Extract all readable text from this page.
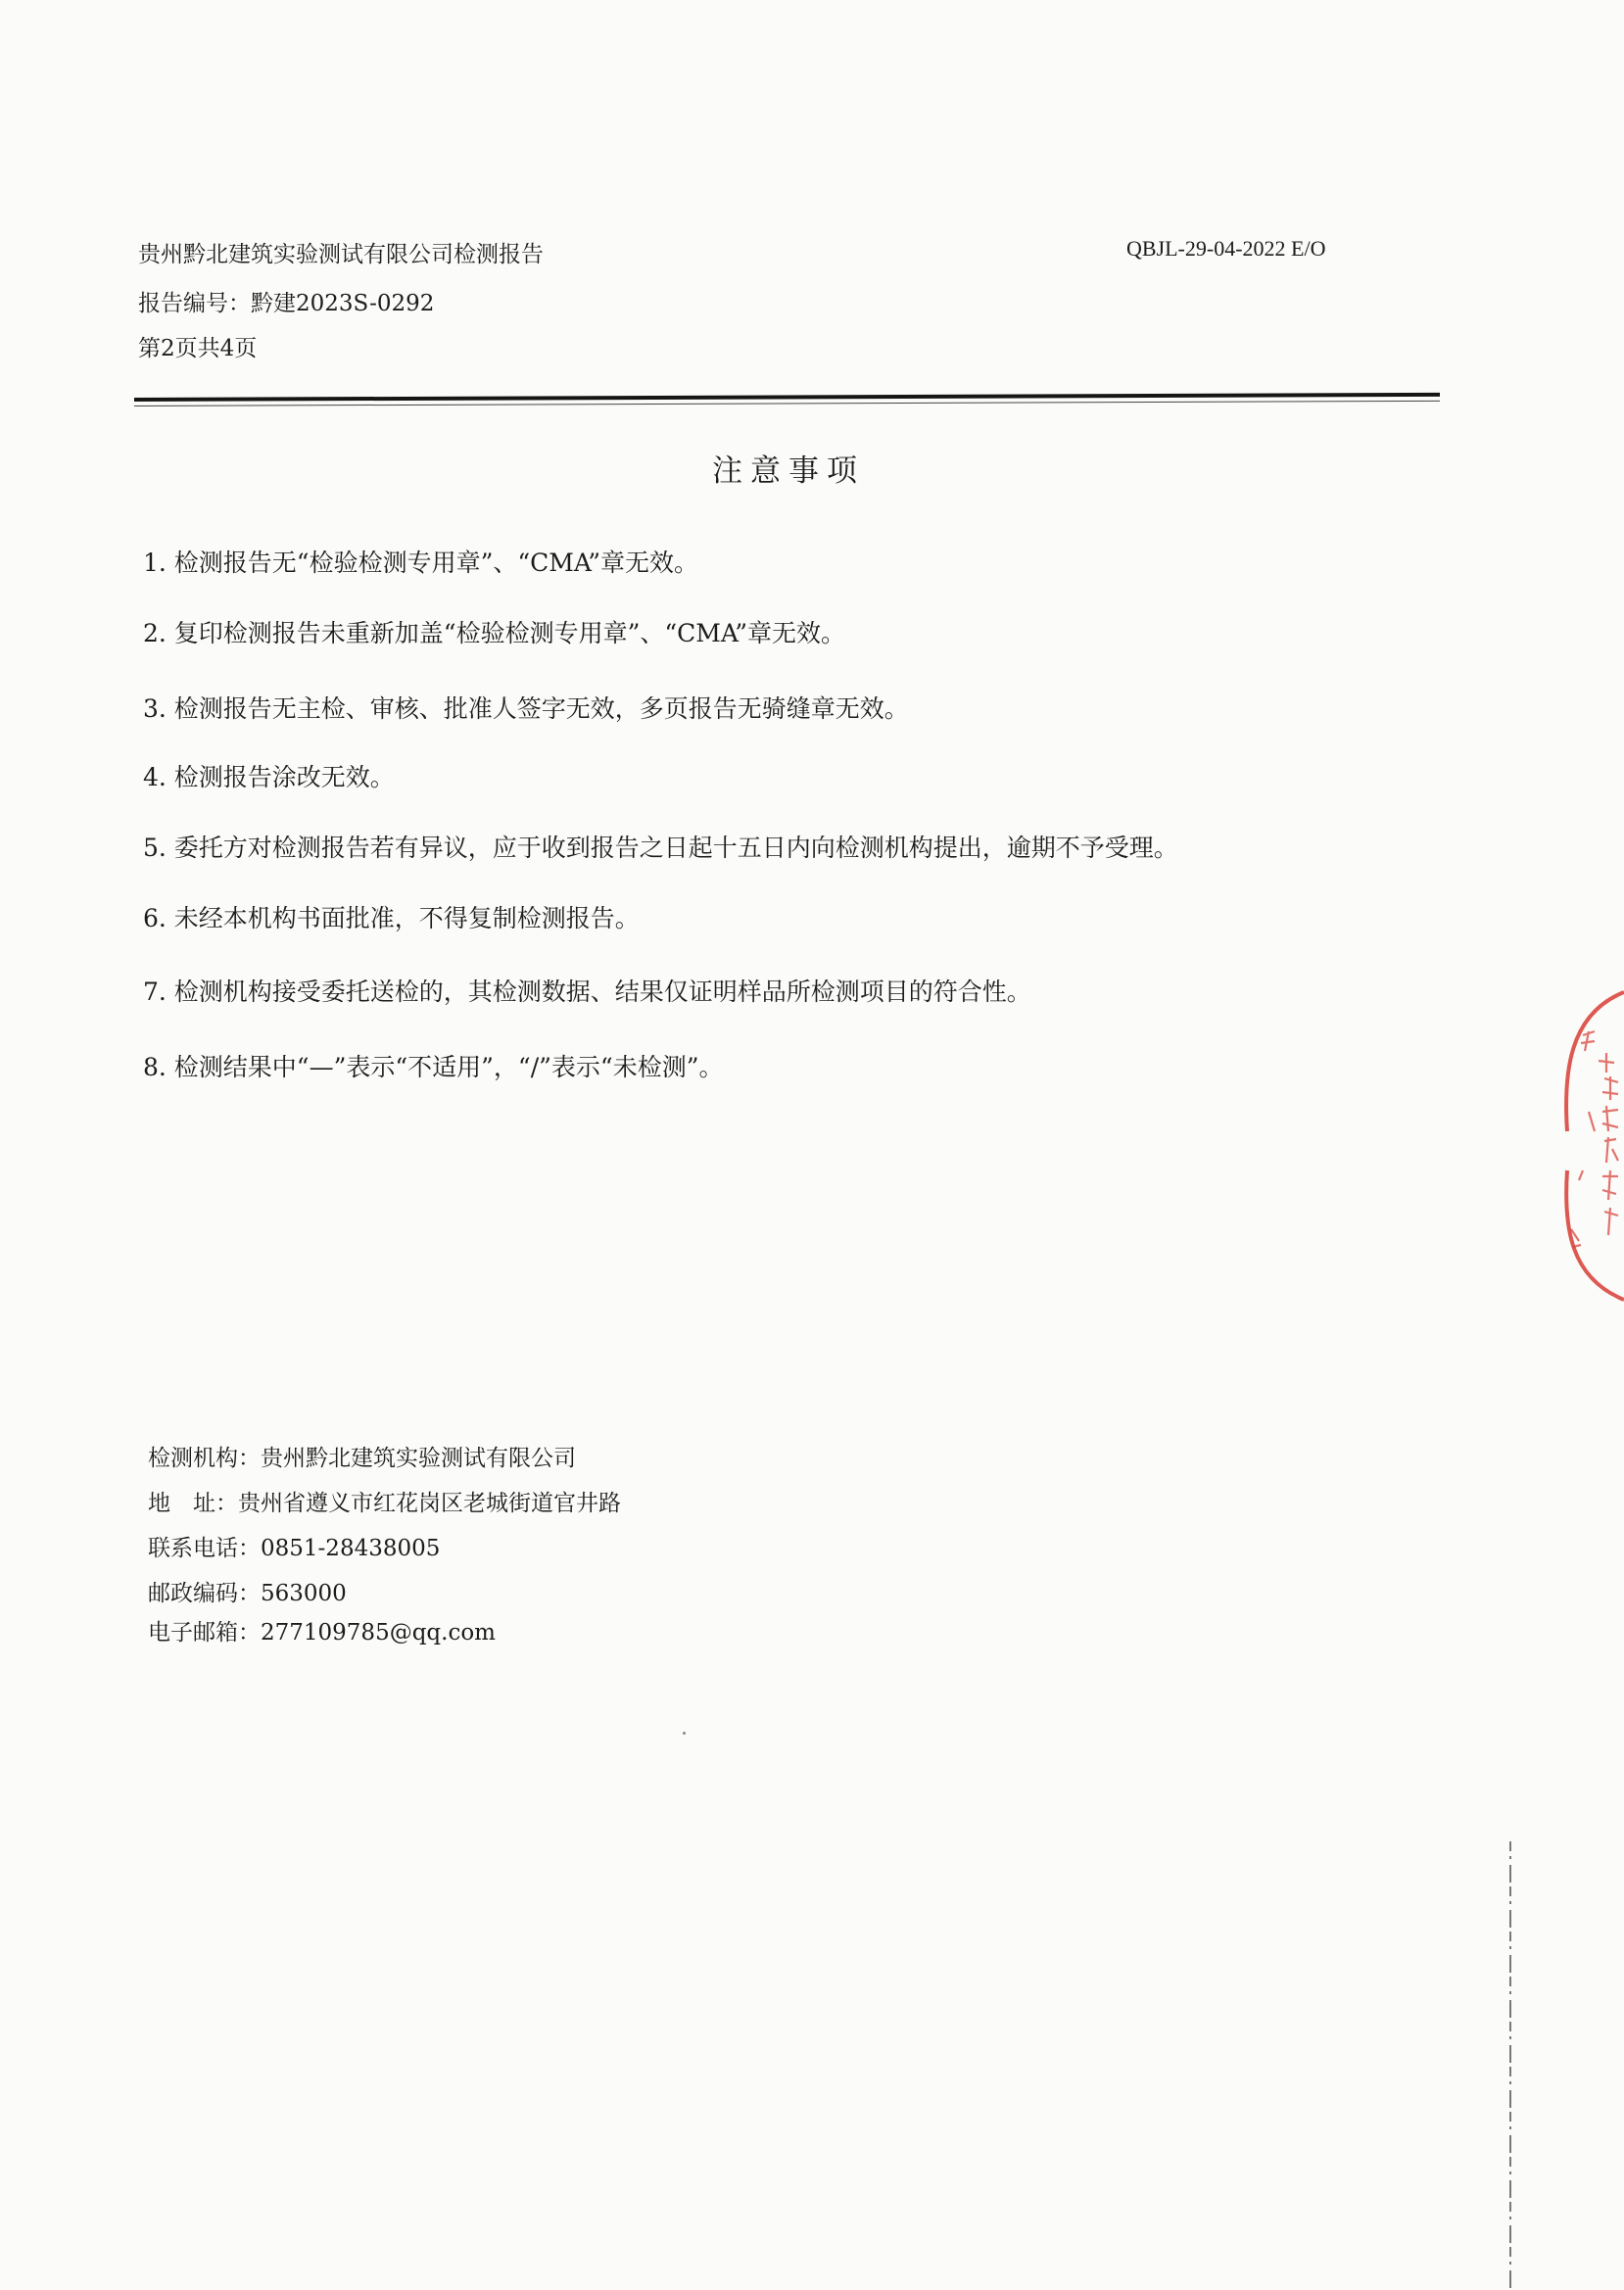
贵州黔北建筑实验测试有限公司检测报告
报告编号：黔建2023S-0292
第2页共4页
QBJL-29-04-2022 E/O
注意事项
1. 检测报告无“检验检测专用章”、“CMA”章无效。
2. 复印检测报告未重新加盖“检验检测专用章”、“CMA”章无效。
3. 检测报告无主检、审核、批准人签字无效，多页报告无骑缝章无效。
4. 检测报告涂改无效。
5. 委托方对检测报告若有异议，应于收到报告之日起十五日内向检测机构提出，逾期不予受理。
6. 未经本机构书面批准，不得复制检测报告。
7. 检测机构接受委托送检的，其检测数据、结果仅证明样品所检测项目的符合性。
8. 检测结果中“—”表示“不适用”，“/”表示“未检测”。
检测机构：贵州黔北建筑实验测试有限公司
地　址：贵州省遵义市红花岗区老城街道官井路
联系电话：0851-28438005
邮政编码：563000
电子邮箱：277109785@qq.com
